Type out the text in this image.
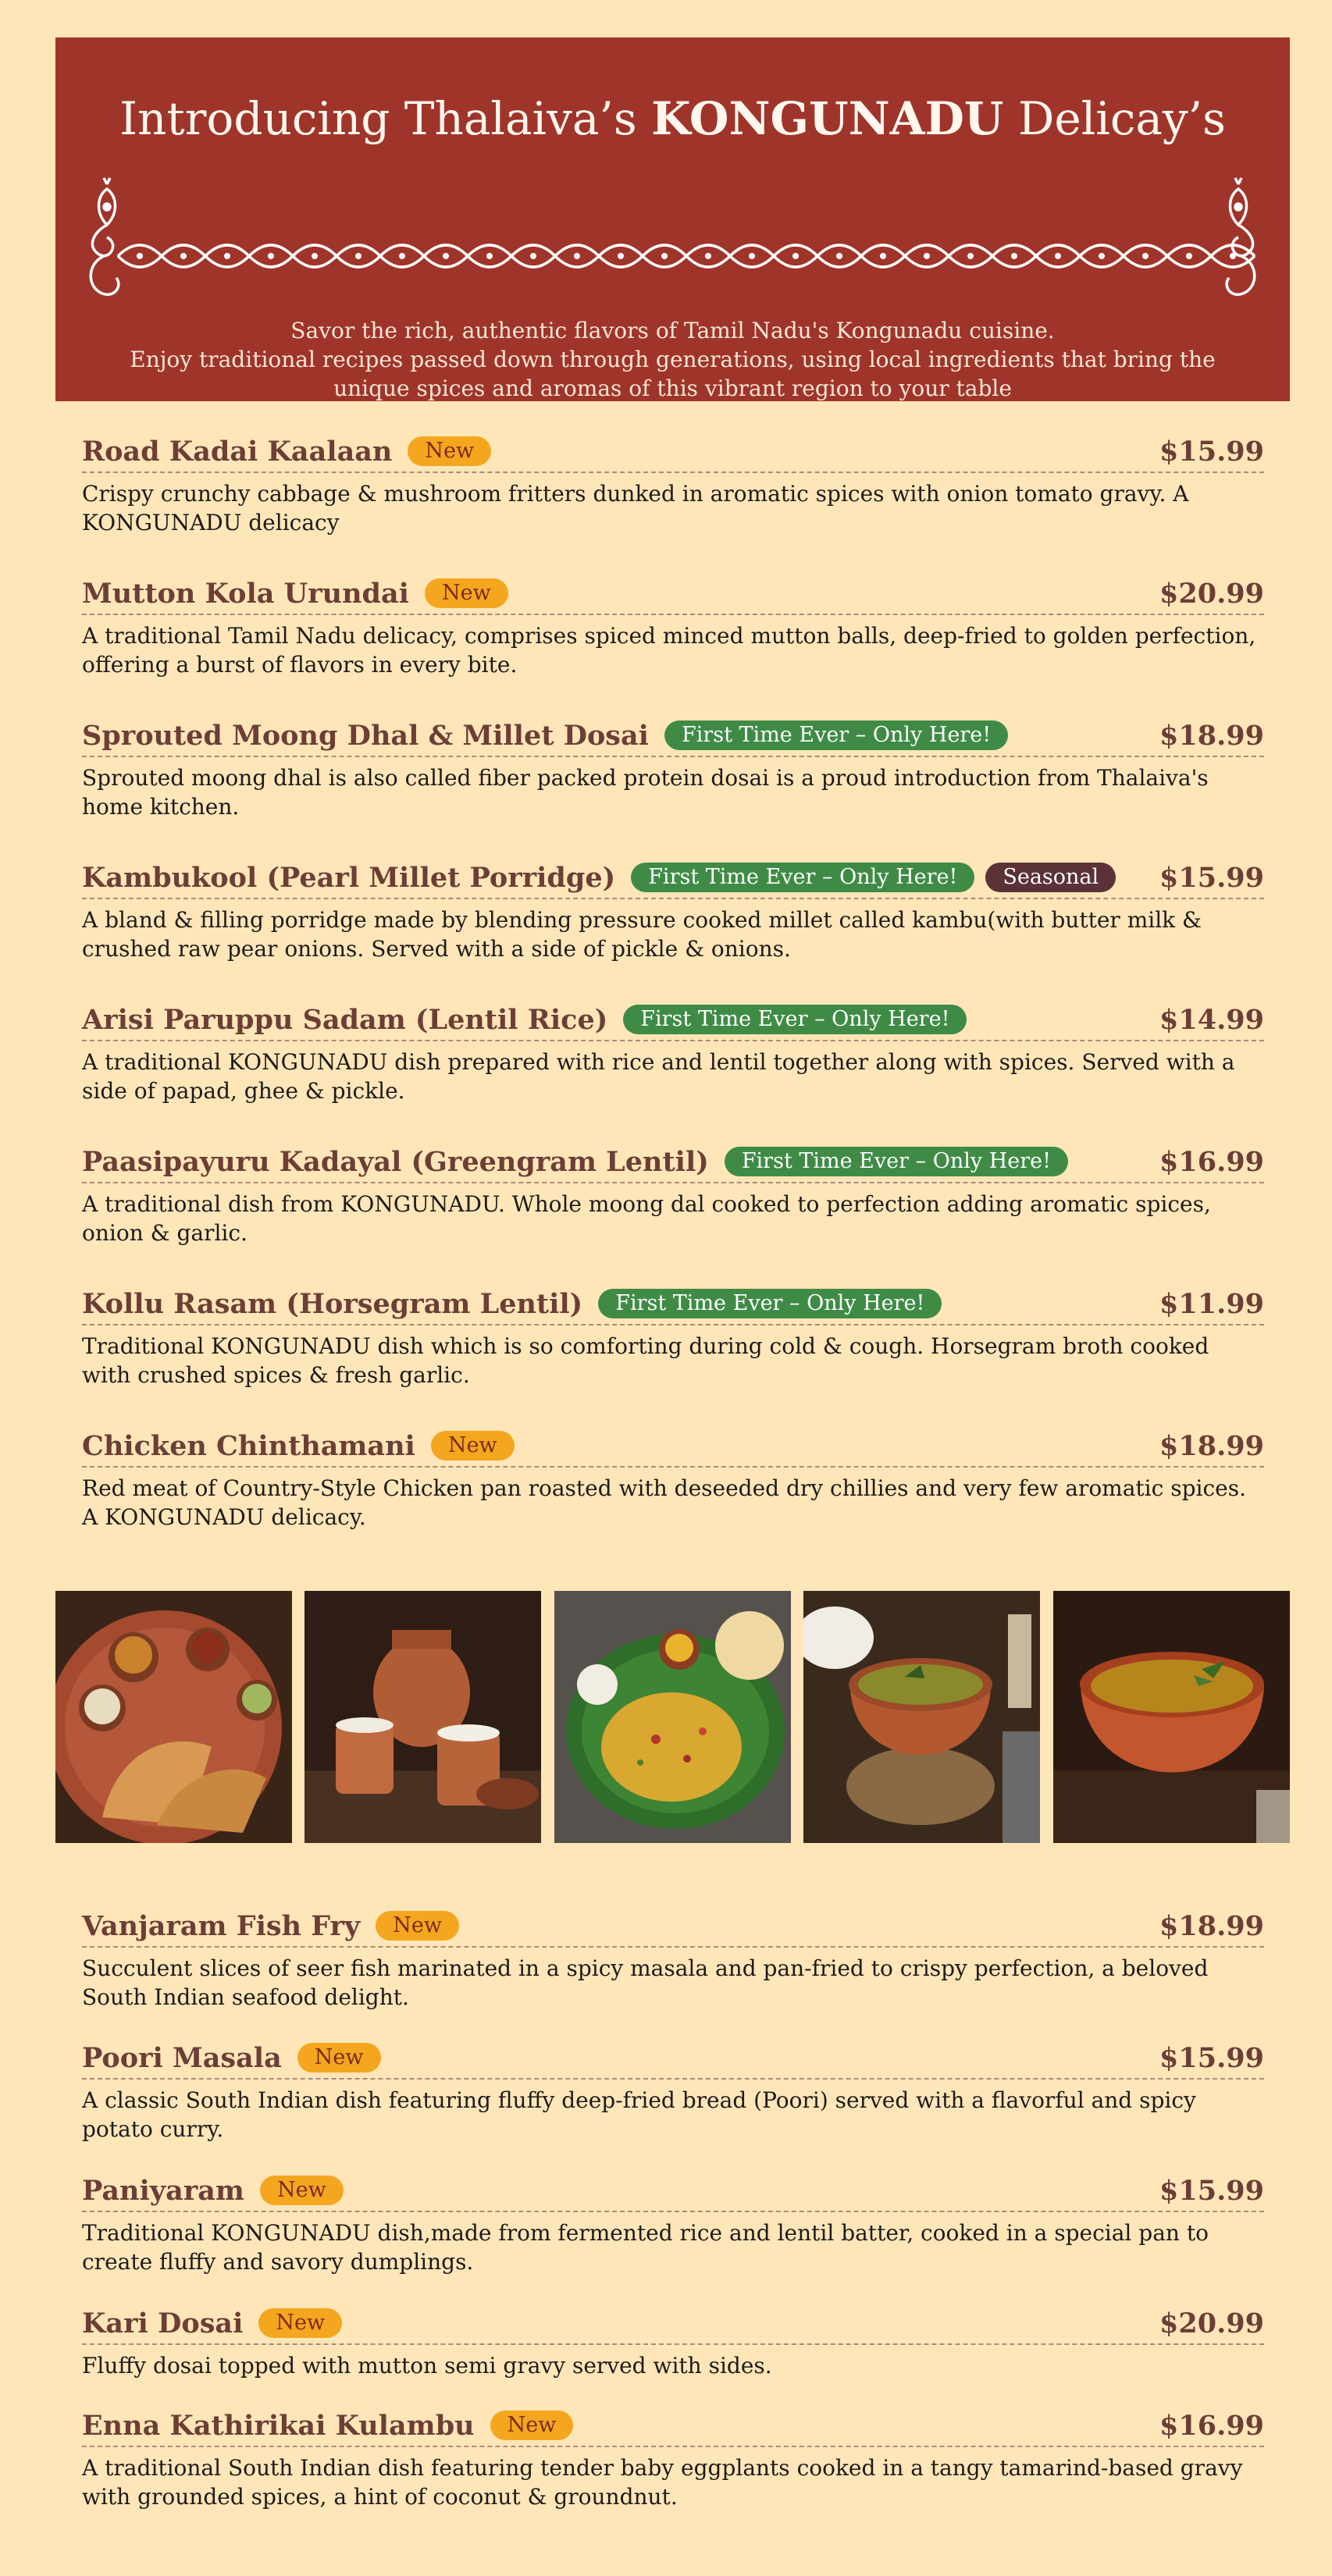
Introducing Thalaiva’s KONGUNADU Delicay’s
Savor the rich, authentic flavors of Tamil Nadu's Kongunadu cuisine.
Enjoy traditional recipes passed down through generations, using local ingredients that bring the unique spices and aromas of this vibrant region to your table
Road Kadai Kaalaan	New	$15.99

Crispy crunchy cabbage & mushroom fritters dunked in aromatic spices with onion tomato gravy. A KONGUNADU delicacy

Mutton Kola Urundai	New	$20.99

A traditional Tamil Nadu delicacy, comprises spiced minced mutton balls, deep-fried to golden perfection, offering a burst of flavors in every bite.

Sprouted Moong Dhal & Millet Dosai	First Time Ever – Only Here!	$18.99

Sprouted moong dhal is also called fiber packed protein dosai is a proud introduction from Thalaiva's home kitchen.

Kambukool (Pearl Millet Porridge)	First Time Ever – Only Here!	Seasonal	$15.99

A bland & filling porridge made by blending pressure cooked millet called kambu(with butter milk & crushed raw pear onions. Served with a side of pickle & onions.

Arisi Paruppu Sadam (Lentil Rice)	First Time Ever – Only Here!	$14.99

A traditional KONGUNADU dish prepared with rice and lentil together along with spices. Served with a side of papad, ghee & pickle.

Paasipayuru Kadayal (Greengram Lentil)	First Time Ever – Only Here!	$16.99

A traditional dish from KONGUNADU. Whole moong dal cooked to perfection adding aromatic spices, onion & garlic.

Kollu Rasam (Horsegram Lentil)	First Time Ever – Only Here!	$11.99

Traditional KONGUNADU dish which is so comforting during cold & cough. Horsegram broth cooked with crushed spices & fresh garlic.

Chicken Chinthamani	New	$18.99

Red meat of Country-Style Chicken pan roasted with deseeded dry chillies and very few aromatic spices. A KONGUNADU delicacy.

Vanjaram Fish Fry	New	$18.99

Succulent slices of seer fish marinated in a spicy masala and pan-fried to crispy perfection, a beloved South Indian seafood delight.

Poori Masala	New	$15.99

A classic South Indian dish featuring fluffy deep-fried bread (Poori) served with a flavorful and spicy potato curry.

Paniyaram	New	$15.99

Traditional KONGUNADU dish,made from fermented rice and lentil batter, cooked in a special pan to create fluffy and savory dumplings.

Kari Dosai	New	$20.99

Fluffy dosai topped with mutton semi gravy served with sides.

Enna Kathirikai Kulambu	New	$16.99

A traditional South Indian dish featuring tender baby eggplants cooked in a tangy tamarind-based gravy with grounded spices, a hint of coconut & groundnut.
